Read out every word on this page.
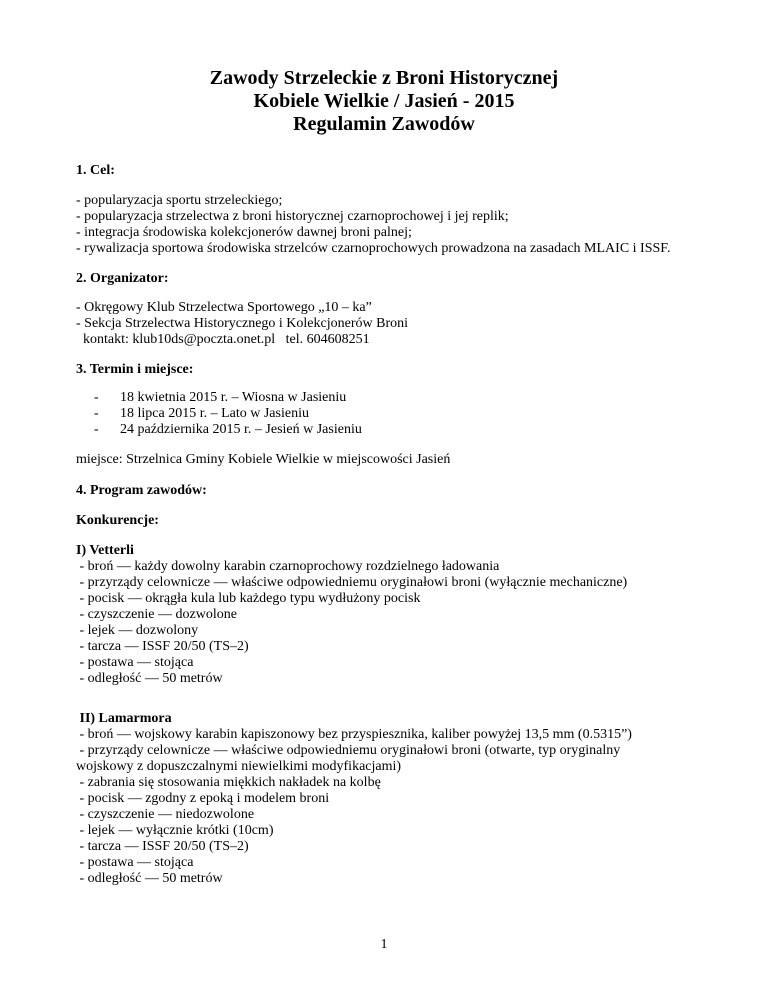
Zawody Strzeleckie z Broni Historycznej
Kobiele Wielkie / Jasień - 2015
Regulamin Zawodów
1. Cel:
- popularyzacja sportu strzeleckiego;
- popularyzacja strzelectwa z broni historycznej czarnoprochowej i jej replik;
- integracja środowiska kolekcjonerów dawnej broni palnej;
- rywalizacja sportowa środowiska strzelców czarnoprochowych prowadzona na zasadach MLAIC i ISSF.
2. Organizator:
- Okręgowy Klub Strzelectwa Sportowego „10 – ka”
- Sekcja Strzelectwa Historycznego i Kolekcjonerów Broni
kontakt: klub10ds@poczta.onet.pl   tel. 604608251
3. Termin i miejsce:
- 18 kwietnia 2015 r. – Wiosna w Jasieniu
- 18 lipca 2015 r. – Lato w Jasieniu
- 24 października 2015 r. – Jesień w Jasieniu
miejsce: Strzelnica Gminy Kobiele Wielkie w miejscowości Jasień
4. Program zawodów:
Konkurencje:
I) Vetterli
- broń –– każdy dowolny karabin czarnoprochowy rozdzielnego ładowania
- przyrządy celownicze –– właściwe odpowiedniemu oryginałowi broni (wyłącznie mechaniczne)
- pocisk –– okrągła kula lub każdego typu wydłużony pocisk
- czyszczenie –– dozwolone
- lejek –– dozwolony
- tarcza –– ISSF 20/50 (TS–2)
- postawa –– stojąca
- odległość –– 50 metrów
II) Lamarmora
- broń –– wojskowy karabin kapiszonowy bez przyspiesznika, kaliber powyżej 13,5 mm (0.5315”)
- przyrządy celownicze –– właściwe odpowiedniemu oryginałowi broni (otwarte, typ oryginalny
wojskowy z dopuszczalnymi niewielkimi modyfikacjami)
- zabrania się stosowania miękkich nakładek na kolbę
- pocisk –– zgodny z epoką i modelem broni
- czyszczenie –– niedozwolone
- lejek –– wyłącznie krótki (10cm)
- tarcza –– ISSF 20/50 (TS–2)
- postawa –– stojąca
- odległość –– 50 metrów
1
